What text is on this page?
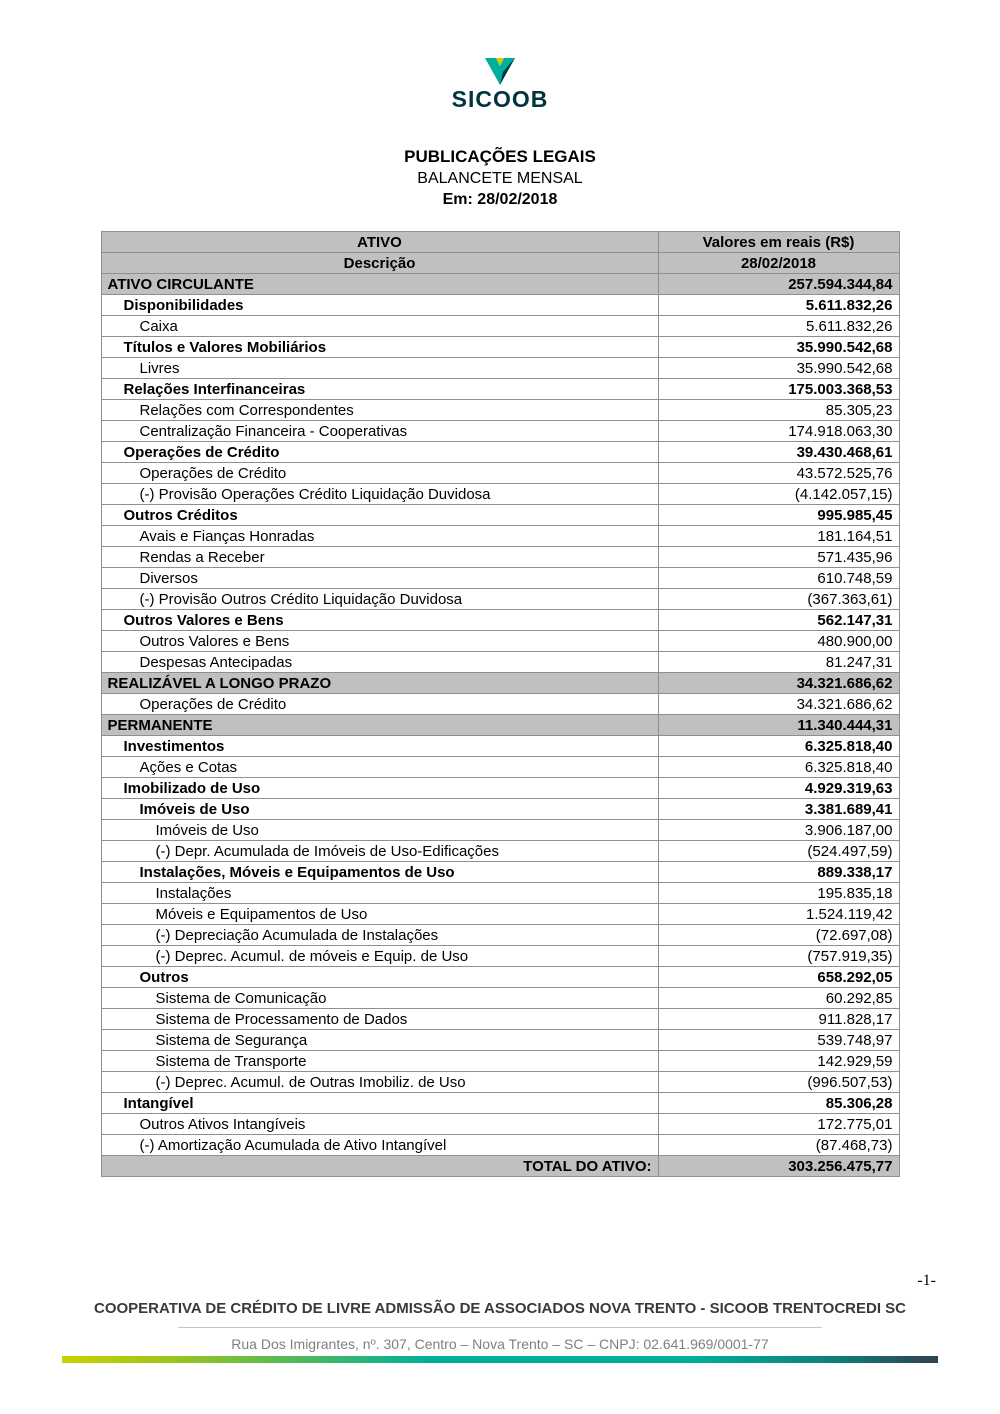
SICOOB
PUBLICAÇÕES LEGAIS
BALANCETE MENSAL
Em: 28/02/2018
ATIVO	Valores em reais (R$)
Descrição	28/02/2018
ATIVO CIRCULANTE	257.594.344,84
Disponibilidades	5.611.832,26
Caixa	5.611.832,26
Títulos e Valores Mobiliários	35.990.542,68
Livres	35.990.542,68
Relações Interfinanceiras	175.003.368,53
Relações com Correspondentes	85.305,23
Centralização Financeira - Cooperativas	174.918.063,30
Operações de Crédito	39.430.468,61
Operações de Crédito	43.572.525,76
(-) Provisão Operações Crédito Liquidação Duvidosa	(4.142.057,15)
Outros Créditos	995.985,45
Avais e Fianças Honradas	181.164,51
Rendas a Receber	571.435,96
Diversos	610.748,59
(-) Provisão Outros Crédito Liquidação Duvidosa	(367.363,61)
Outros Valores e Bens	562.147,31
Outros Valores e Bens	480.900,00
Despesas Antecipadas	81.247,31
REALIZÁVEL A LONGO PRAZO	34.321.686,62
Operações de Crédito	34.321.686,62
PERMANENTE	11.340.444,31
Investimentos	6.325.818,40
Ações e Cotas	6.325.818,40
Imobilizado de Uso	4.929.319,63
Imóveis de Uso	3.381.689,41
Imóveis de Uso	3.906.187,00
(-) Depr. Acumulada de Imóveis de Uso-Edificações	(524.497,59)
Instalações, Móveis e Equipamentos de Uso	889.338,17
Instalações	195.835,18
Móveis e Equipamentos de Uso	1.524.119,42
(-) Depreciação Acumulada de Instalações	(72.697,08)
(-) Deprec. Acumul. de móveis e Equip. de Uso	(757.919,35)
Outros	658.292,05
Sistema de Comunicação	60.292,85
Sistema de Processamento de Dados	911.828,17
Sistema de Segurança	539.748,97
Sistema de Transporte	142.929,59
(-) Deprec. Acumul. de Outras Imobiliz. de Uso	(996.507,53)
Intangível	85.306,28
Outros Ativos Intangíveis	172.775,01
(-) Amortização Acumulada de Ativo Intangível	(87.468,73)
TOTAL DO ATIVO:	303.256.475,77
-1-
COOPERATIVA DE CRÉDITO DE LIVRE ADMISSÃO DE ASSOCIADOS NOVA TRENTO - SICOOB TRENTOCREDI SC
Rua Dos Imigrantes, nº. 307, Centro – Nova Trento – SC – CNPJ: 02.641.969/0001-77
